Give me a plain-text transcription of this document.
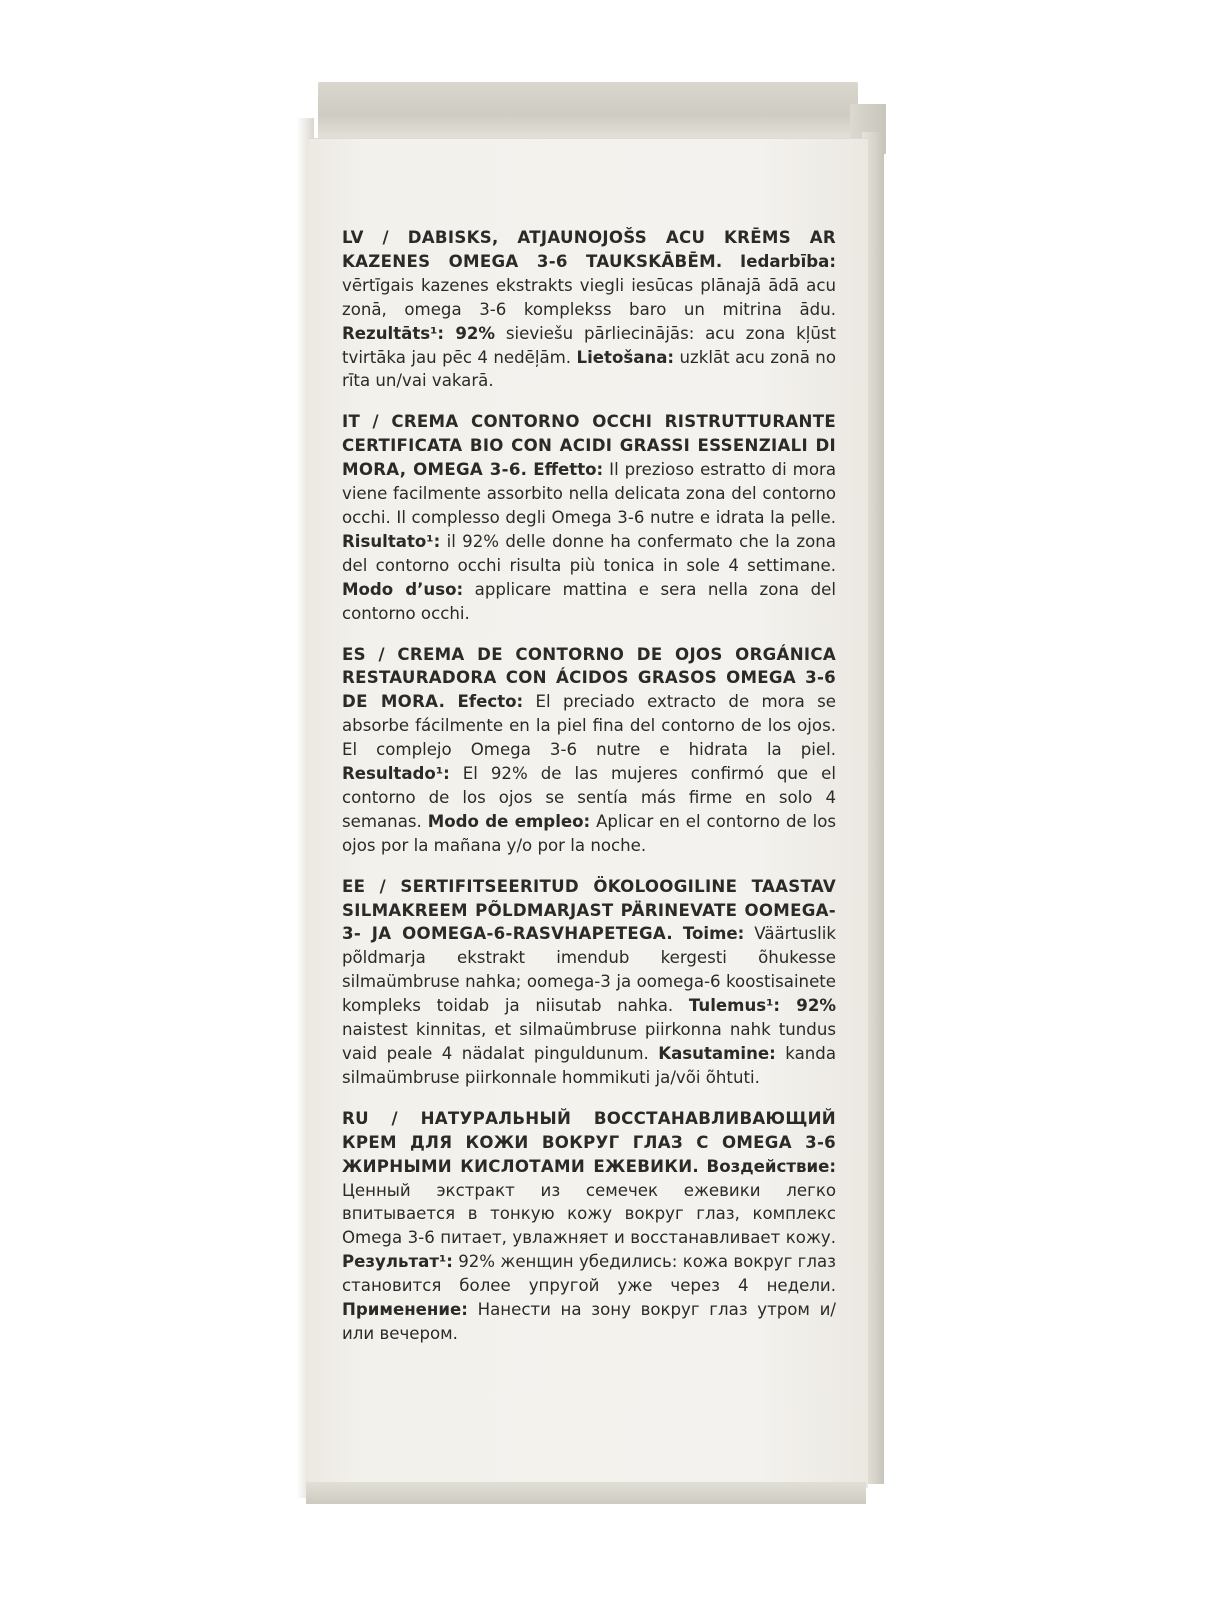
LV / DABISKS, ATJAUNOJOŠS ACU KRĒMS AR KAZENES OMEGA 3-6 TAUKSKĀBĒM. Iedarbība: vērtīgais kazenes ekstrakts viegli iesūcas plānajā ādā acu zonā, omega 3-6 komplekss baro un mitrina ādu. Rezultāts¹: 92% sieviešu pārliecinājās: acu zona kļūst tvirtāka jau pēc 4 nedēļām. Lietošana: uzklāt acu zonā no rīta un/vai vakarā.

IT / CREMA CONTORNO OCCHI RISTRUTTURANTE CERTIFICATA BIO CON ACIDI GRASSI ESSENZIALI DI MORA, OMEGA 3-6. Effetto: Il prezioso estratto di mora viene facilmente assorbito nella delicata zona del contorno occhi. Il complesso degli Omega 3-6 nutre e idrata la pelle. Risultato¹: il 92% delle donne ha confermato che la zona del contorno occhi risulta più tonica in sole 4 settimane. Modo d’uso: applicare mattina e sera nella zona del contorno occhi.

ES / CREMA DE CONTORNO DE OJOS ORGÁNICA RESTAURADORA CON ÁCIDOS GRASOS OMEGA 3-6 DE MORA. Efecto: El preciado extracto de mora se absorbe fácilmente en la piel fina del contorno de los ojos. El complejo Omega 3-6 nutre e hidrata la piel. Resultado¹: El 92% de las mujeres confirmó que el contorno de los ojos se sentía más firme en solo 4 semanas. Modo de empleo: Aplicar en el contorno de los ojos por la mañana y/o por la noche.

EE / SERTIFITSEERITUD ÖKOLOOGILINE TAASTAV SILMAKREEM PÕLDMARJAST PÄRINEVATE OOMEGA- 3- JA OOMEGA-6-RASVHAPETEGA. Toime: Väärtuslik põldmarja ekstrakt imendub kergesti õhukesse silmaümbruse nahka; oomega-3 ja oomega-6 koostisainete kompleks toidab ja niisutab nahka. Tulemus¹: 92% naistest kinnitas, et silmaümbruse piirkonna nahk tundus vaid peale 4 nädalat pinguldunum. Kasutamine: kanda silmaümbruse piirkonnale hommikuti ja/või õhtuti.

RU / НАТУРАЛЬНЫЙ ВОССТАНАВЛИВАЮЩИЙ КРЕМ ДЛЯ КОЖИ ВОКРУГ ГЛАЗ С OMEGA 3-6 ЖИРНЫМИ КИСЛОТАМИ ЕЖЕВИКИ. Воздействие: Ценный экстракт из семечек ежевики легко впитывается в тонкую кожу вокруг глаз, комплекс Omega 3-6 питает, увлажняет и восстанавливает кожу. Результат¹: 92% женщин убедились: кожа вокруг глаз становится более упругой уже через 4 недели. Применение: Нанести на зону вокруг глаз утром и/или вечером.
